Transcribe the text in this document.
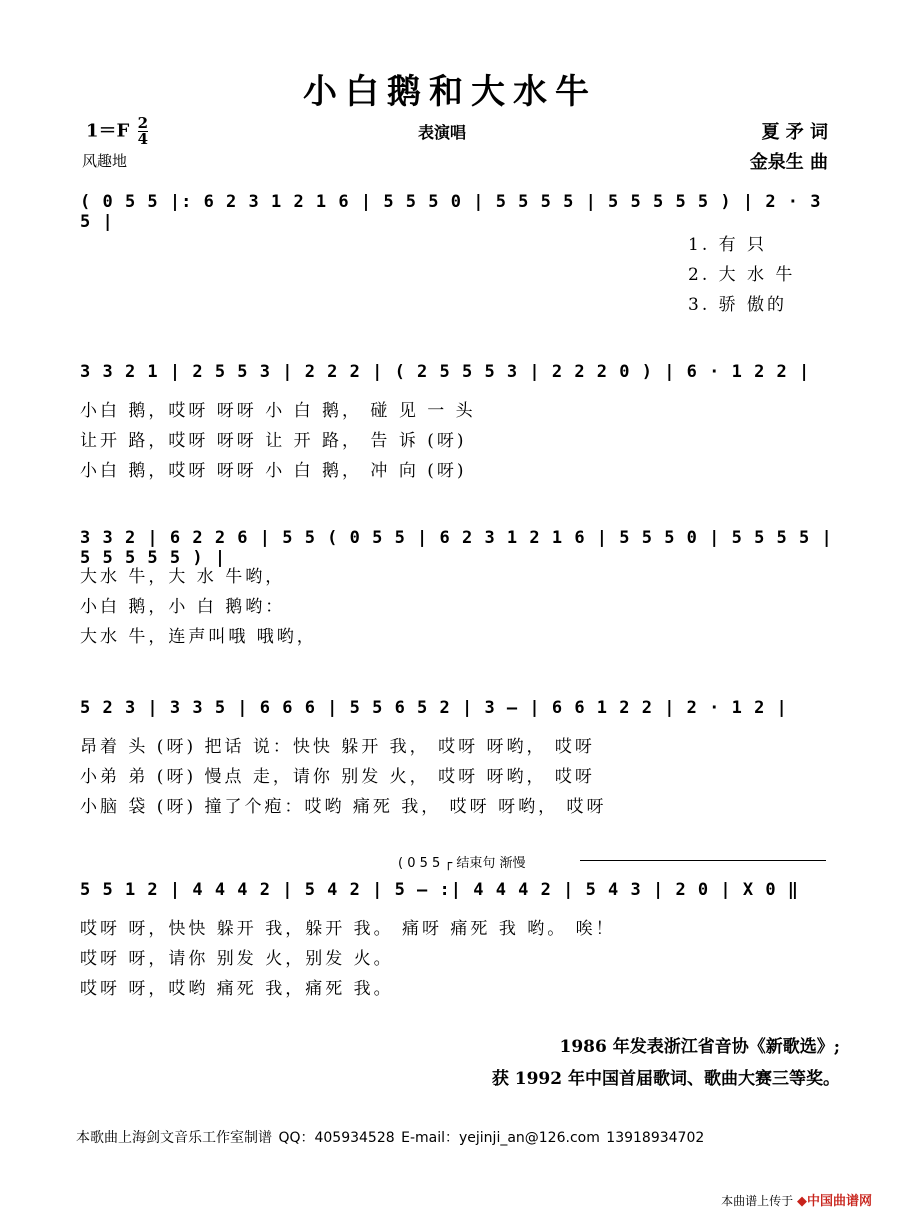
小白鹅和大水牛
$1=F \frac{2}{4}$	表演唱	夏 矛 词
风趣地	金泉生 曲
( 0 5 5 |: 6 2 3 1 2 1 6 | 5 5 5 0 | 5 5 5 5 | 5 5 5 5 5 ) | 2 · 3 5 |
1. 有 只
2. 大 水 牛
3. 骄 傲的
3 3 2 1 | 2 5 5 3 | 2 2 2 | ( 2 5 5 5 3 | 2 2 2 0 ) | 6 · 1 2 2 |
小白 鹅，哎呀 呀呀 小 白 鹅， 碰 见 一 头
让开 路，哎呀 呀呀 让 开 路， 告 诉 (呀)
小白 鹅，哎呀 呀呀 小 白 鹅， 冲 向 (呀)
3 3 2 | 6 2 2 6 | 5 5 ( 0 5 5 | 6 2 3 1 2 1 6 | 5 5 5 0 | 5 5 5 5 | 5 5 5 5 5 ) |
大水 牛，大 水 牛哟，
小白 鹅，小 白 鹅哟：
大水 牛，连声叫哦 哦哟，
5 2 3 | 3 3 5 | 6 6 6 | 5 5 6 5 2 | 3 – | 6 6 1 2 2 | 2 · 1 2 |
昂着 头 (呀) 把话 说：快快 躲开 我， 哎呀 呀哟， 哎呀
小弟 弟 (呀) 慢点 走，请你 别发 火， 哎呀 呀哟， 哎呀
小脑 袋 (呀) 撞了个疱：哎哟 痛死 我， 哎呀 呀哟， 哎呀
( 0 5 5 ┌ 结束句 渐慢
5 5 1 2 | 4 4 4 2 | 5 4 2 | 5 – :| 4 4 4 2 | 5 4 3 | 2 0 | X 0 ‖
哎呀 呀，快快 躲开 我，躲开 我。 痛呀 痛死 我 哟。 唉！
哎呀 呀，请你 别发 火，别发 火。
哎呀 呀，哎哟 痛死 我，痛死 我。
1986 年发表浙江省音协《新歌选》;
获 1992 年中国首届歌词、歌曲大赛三等奖。
本歌曲上海剑文音乐工作室制谱 QQ：405934528 E-mail：yejinji_an@126.com 13918934702
本曲谱上传于 ◆中国曲谱网
